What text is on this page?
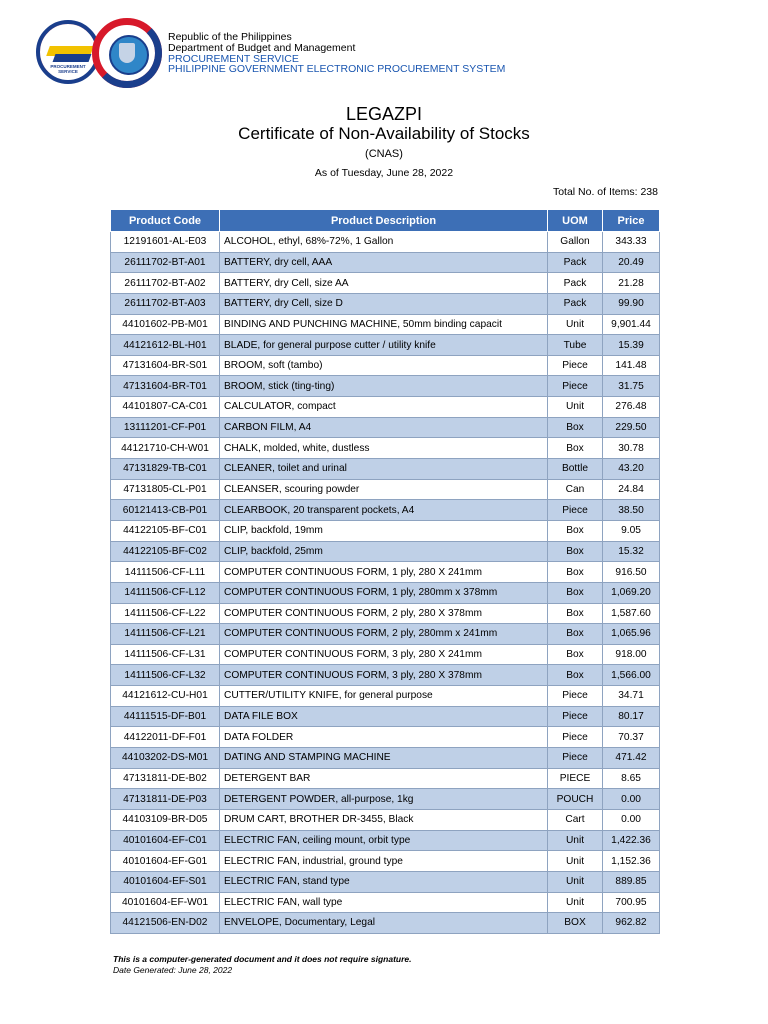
PROCUREMENT SERVICE
Republic of the Philippines
Department of Budget and Management
PROCUREMENT SERVICE
PHILIPPINE GOVERNMENT ELECTRONIC PROCUREMENT SYSTEM
LEGAZPI
Certificate of Non-Availability of Stocks
(CNAS)
As of Tuesday, June 28, 2022
Total No. of Items: 238
Product Code	Product Description	UOM	Price
12191601-AL-E03	ALCOHOL, ethyl, 68%-72%, 1 Gallon	Gallon	343.33
26111702-BT-A01	BATTERY, dry cell, AAA	Pack	20.49
26111702-BT-A02	BATTERY, dry Cell, size AA	Pack	21.28
26111702-BT-A03	BATTERY, dry Cell, size D	Pack	99.90
44101602-PB-M01	BINDING AND PUNCHING MACHINE, 50mm binding capacit	Unit	9,901.44
44121612-BL-H01	BLADE, for general purpose cutter / utility knife	Tube	15.39
47131604-BR-S01	BROOM, soft (tambo)	Piece	141.48
47131604-BR-T01	BROOM, stick (ting-ting)	Piece	31.75
44101807-CA-C01	CALCULATOR, compact	Unit	276.48
13111201-CF-P01	CARBON FILM, A4	Box	229.50
44121710-CH-W01	CHALK, molded, white, dustless	Box	30.78
47131829-TB-C01	CLEANER, toilet and urinal	Bottle	43.20
47131805-CL-P01	CLEANSER, scouring powder	Can	24.84
60121413-CB-P01	CLEARBOOK, 20 transparent pockets, A4	Piece	38.50
44122105-BF-C01	CLIP, backfold, 19mm	Box	9.05
44122105-BF-C02	CLIP, backfold, 25mm	Box	15.32
14111506-CF-L11	COMPUTER CONTINUOUS FORM, 1 ply, 280 X 241mm	Box	916.50
14111506-CF-L12	COMPUTER CONTINUOUS FORM, 1 ply, 280mm x 378mm	Box	1,069.20
14111506-CF-L22	COMPUTER CONTINUOUS FORM, 2 ply, 280 X 378mm	Box	1,587.60
14111506-CF-L21	COMPUTER CONTINUOUS FORM, 2 ply, 280mm x 241mm	Box	1,065.96
14111506-CF-L31	COMPUTER CONTINUOUS FORM, 3 ply, 280 X 241mm	Box	918.00
14111506-CF-L32	COMPUTER CONTINUOUS FORM, 3 ply, 280 X 378mm	Box	1,566.00
44121612-CU-H01	CUTTER/UTILITY KNIFE, for general purpose	Piece	34.71
44111515-DF-B01	DATA FILE BOX	Piece	80.17
44122011-DF-F01	DATA FOLDER	Piece	70.37
44103202-DS-M01	DATING AND STAMPING MACHINE	Piece	471.42
47131811-DE-B02	DETERGENT BAR	PIECE	8.65
47131811-DE-P03	DETERGENT POWDER, all-purpose, 1kg	POUCH	0.00
44103109-BR-D05	DRUM CART, BROTHER DR-3455, Black	Cart	0.00
40101604-EF-C01	ELECTRIC FAN, ceiling mount, orbit type	Unit	1,422.36
40101604-EF-G01	ELECTRIC FAN, industrial, ground type	Unit	1,152.36
40101604-EF-S01	ELECTRIC FAN, stand type	Unit	889.85
40101604-EF-W01	ELECTRIC FAN, wall type	Unit	700.95
44121506-EN-D02	ENVELOPE, Documentary, Legal	BOX	962.82
This is a computer-generated document and it does not require signature.
Date Generated: June 28, 2022
